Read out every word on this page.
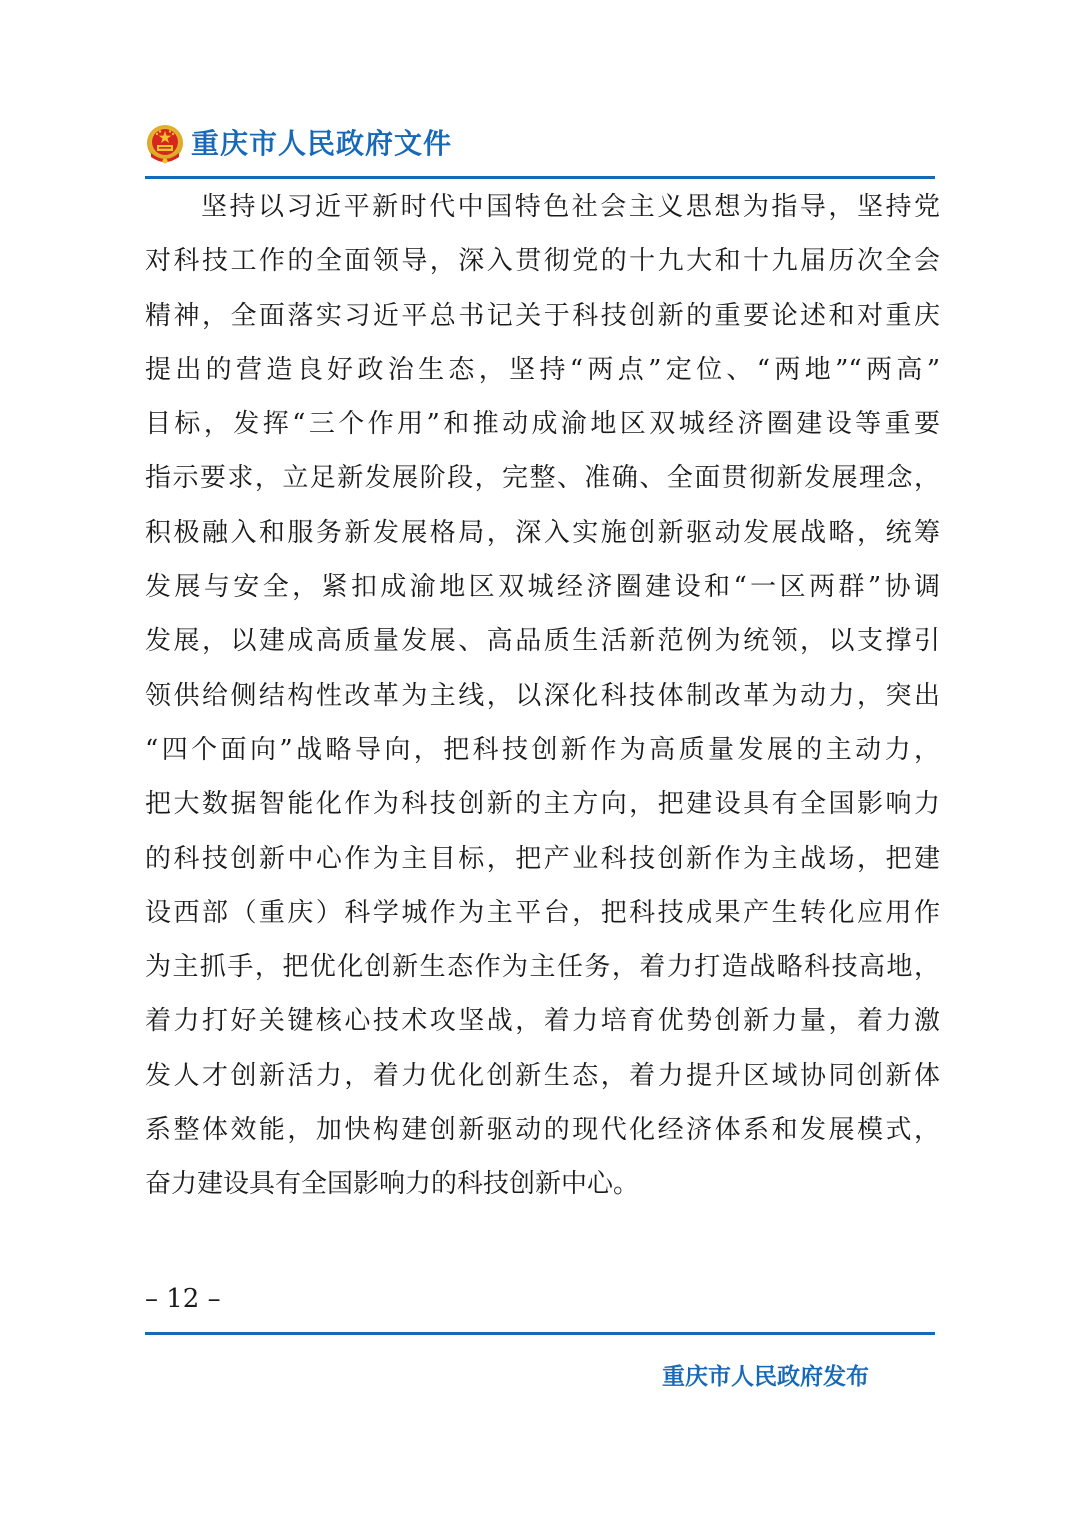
重庆市人民政府文件
坚持以习近平新时代中国特色社会主义思想为指导，坚持党
对科技工作的全面领导，深入贯彻党的十九大和十九届历次全会
精神，全面落实习近平总书记关于科技创新的重要论述和对重庆
提出的营造良好政治生态，坚持“两点”定位、“两地”“两高”
目标，发挥“三个作用”和推动成渝地区双城经济圈建设等重要
指示要求，立足新发展阶段，完整、准确、全面贯彻新发展理念，
积极融入和服务新发展格局，深入实施创新驱动发展战略，统筹
发展与安全，紧扣成渝地区双城经济圈建设和“一区两群”协调
发展，以建成高质量发展、高品质生活新范例为统领，以支撑引
领供给侧结构性改革为主线，以深化科技体制改革为动力，突出
“四个面向”战略导向，把科技创新作为高质量发展的主动力，
把大数据智能化作为科技创新的主方向，把建设具有全国影响力
的科技创新中心作为主目标，把产业科技创新作为主战场，把建
设西部（重庆）科学城作为主平台，把科技成果产生转化应用作
为主抓手，把优化创新生态作为主任务，着力打造战略科技高地，
着力打好关键核心技术攻坚战，着力培育优势创新力量，着力激
发人才创新活力，着力优化创新生态，着力提升区域协同创新体
系整体效能，加快构建创新驱动的现代化经济体系和发展模式，
奋力建设具有全国影响力的科技创新中心。
– 12 –
重庆市人民政府发布
